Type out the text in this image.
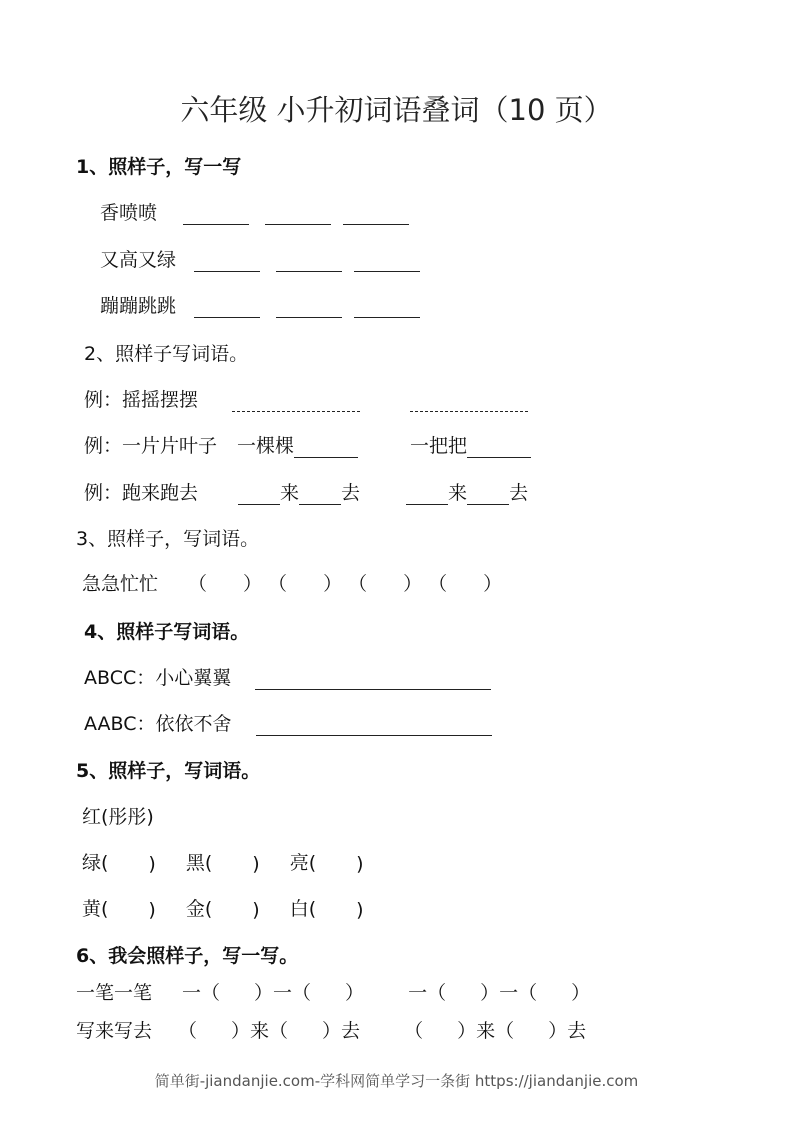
六年级 小升初词语叠词（10 页）
1、照样子，写一写
香喷喷
又高又绿
蹦蹦跳跳
2、照样子写词语。
例：摇摇摆摆
例：一片片叶子 一棵棵	一把把
例：跑来跑去	来 去	来 去
3、照样子，写词语。
急急忙忙 （ ） （ ） （ ） （ ）
4、照样子写词语。
ABCC：小心翼翼
AABC：依依不舍
5、照样子，写词语。
红(彤彤)
绿( ) 黑( ) 亮( )
黄( ) 金( ) 白( )
6、我会照样子，写一写。
一笔一笔 一（ ）一（ ） 一（ ）一（ ）
写来写去 （ ）来（ ）去 （ ）来（ ）去
简单街-jiandanjie.com-学科网简单学习一条街 https://jiandanjie.com
